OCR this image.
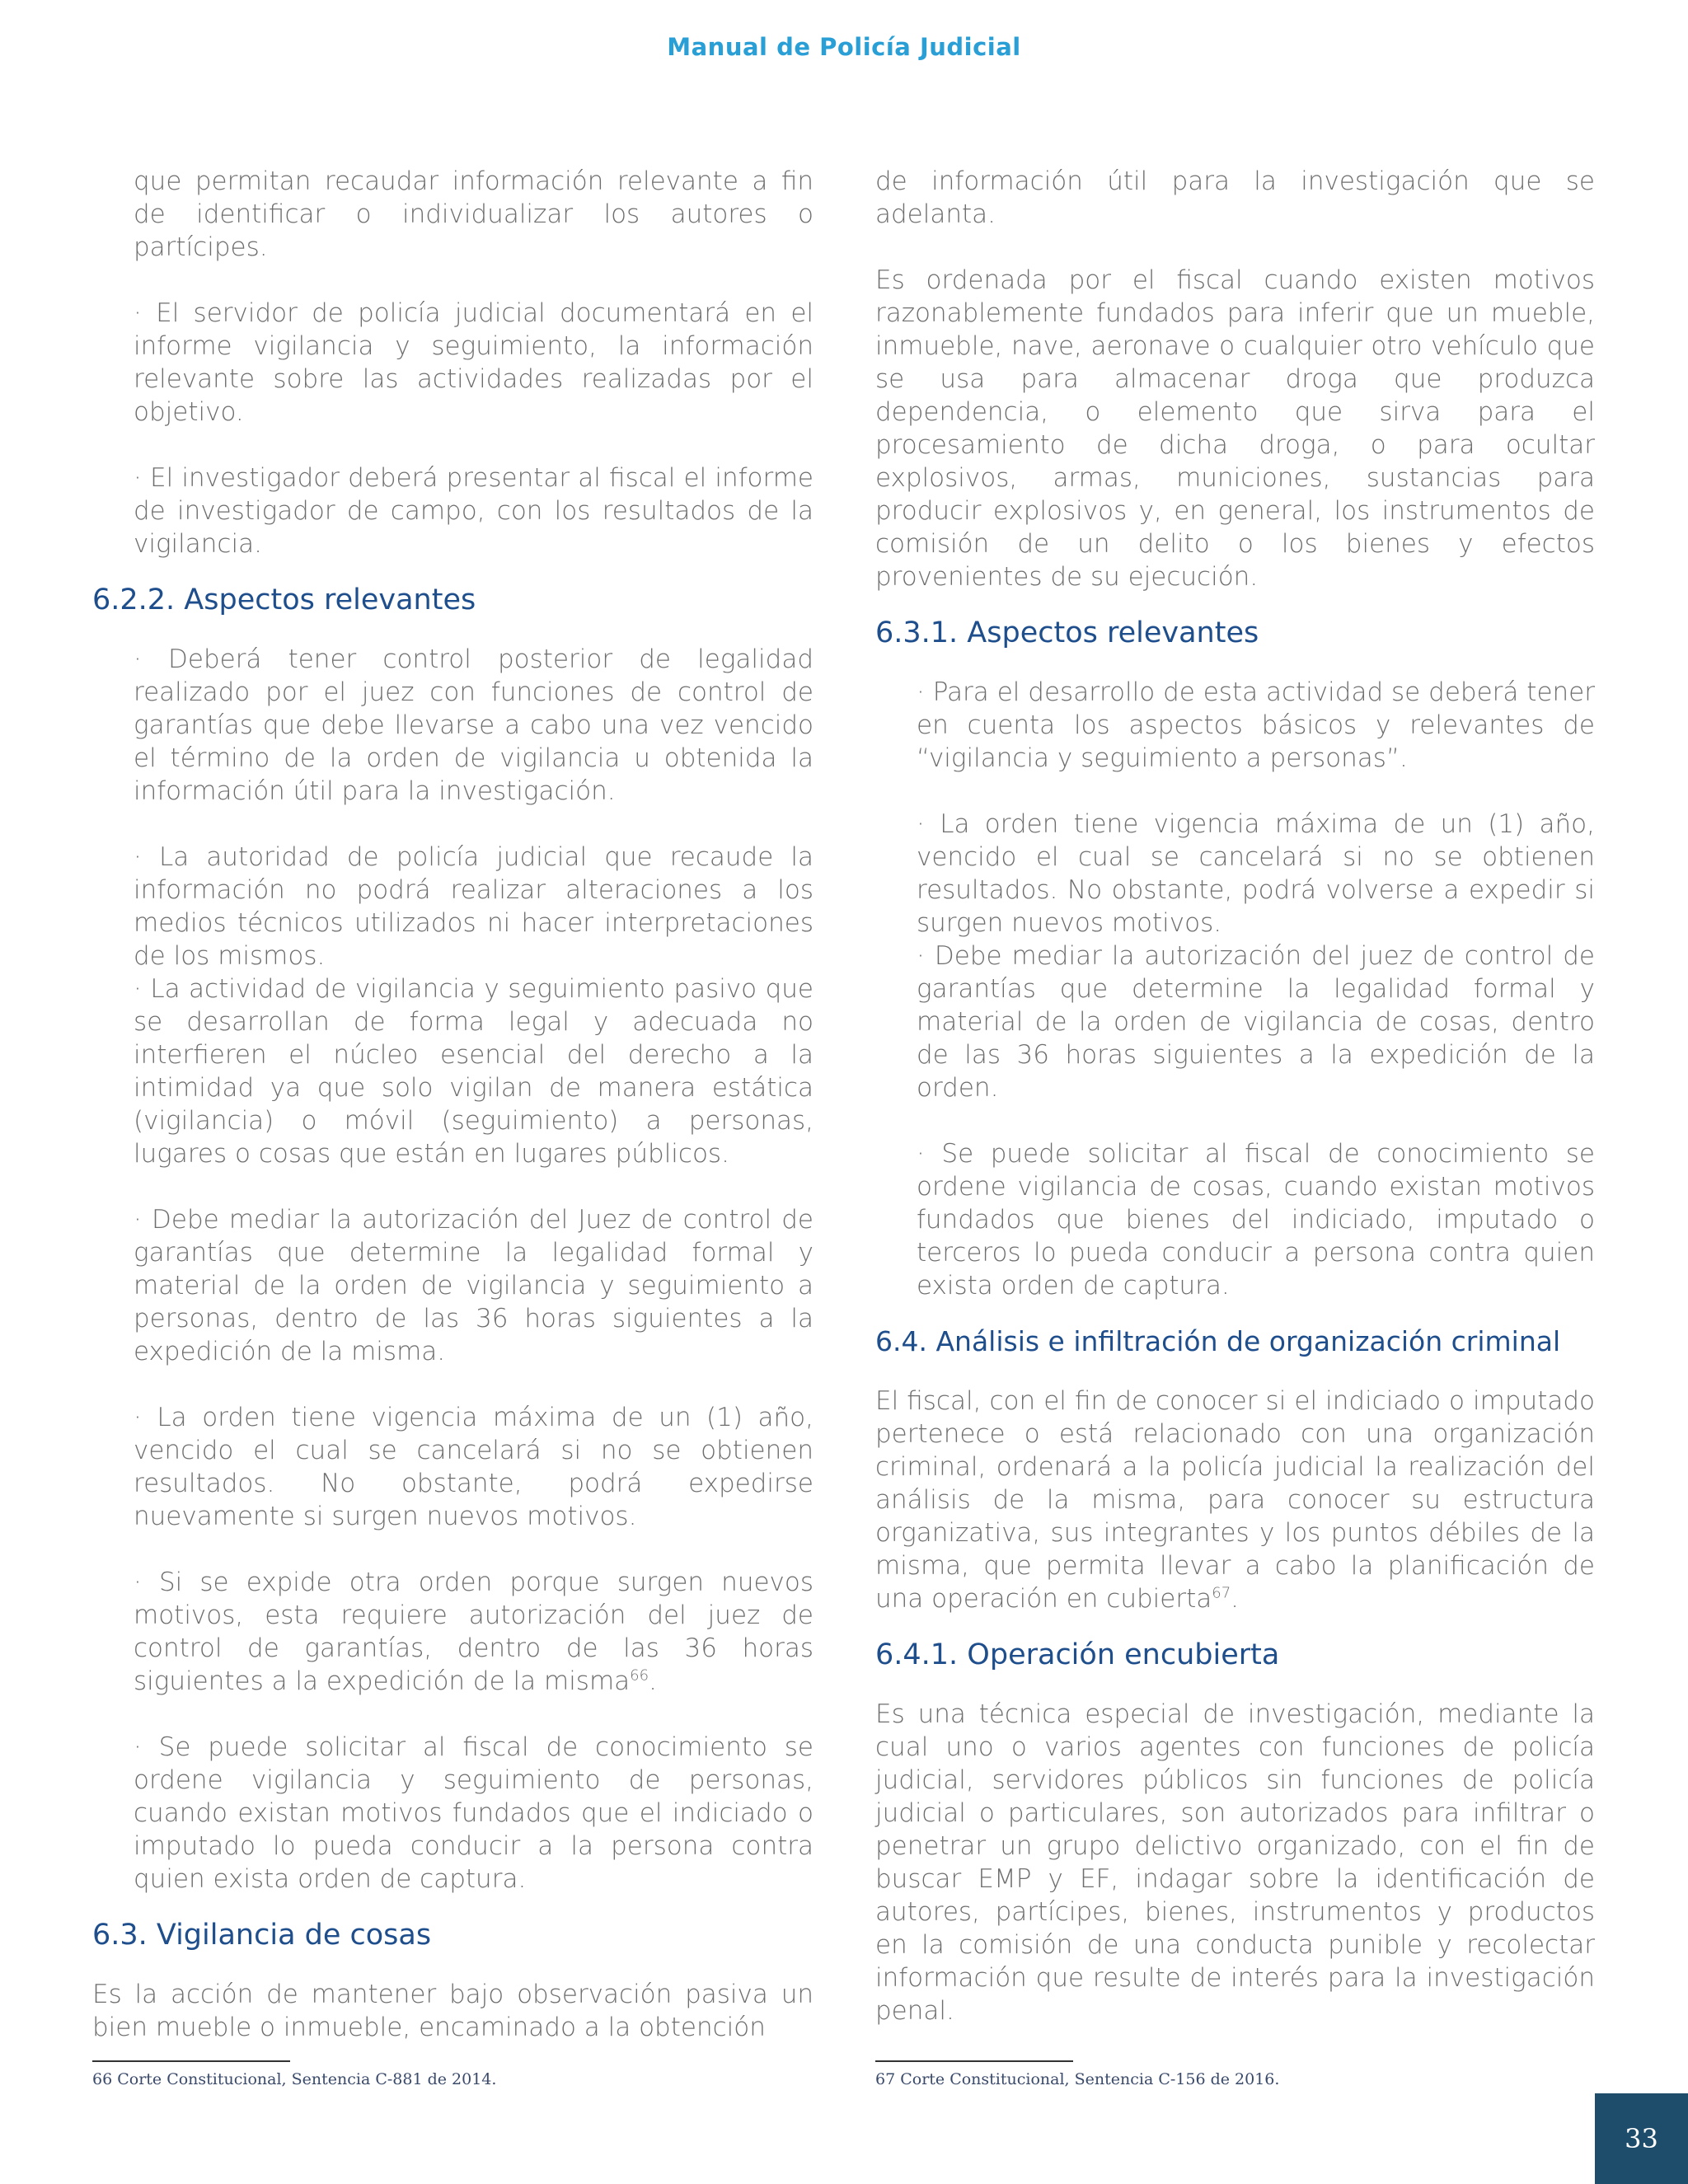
Manual de Policía Judicial

que permitan recaudar información relevante a fin de identificar o individualizar los autores o partícipes.

· El servidor de policía judicial documentará en el informe vigilancia y seguimiento, la información relevante sobre las actividades realizadas por el objetivo.

· El investigador deberá presentar al fiscal el informe de investigador de campo, con los resultados de la vigilancia.

6.2.2. Aspectos relevantes

· Deberá tener control posterior de legalidad realizado por el juez con funciones de control de garantías que debe llevarse a cabo una vez vencido el término de la orden de vigilancia u obtenida la información útil para la investigación.

· La autoridad de policía judicial que recaude la información no podrá realizar alteraciones a los medios técnicos utilizados ni hacer interpretaciones de los mismos.

· La actividad de vigilancia y seguimiento pasivo que se desarrollan de forma legal y adecuada no interfieren el núcleo esencial del derecho a la intimidad ya que solo vigilan de manera estática (vigilancia) o móvil (seguimiento) a personas, lugares o cosas que están en lugares públicos.

· Debe mediar la autorización del Juez de control de garantías que determine la legalidad formal y material de la orden de vigilancia y seguimiento a personas, dentro de las 36 horas siguientes a la expedición de la misma.

· La orden tiene vigencia máxima de un (1) año, vencido el cual se cancelará si no se obtienen resultados. No obstante, podrá expedirse nuevamente si surgen nuevos motivos.

· Si se expide otra orden porque surgen nuevos motivos, esta requiere autorización del juez de control de garantías, dentro de las 36 horas siguientes a la expedición de la misma$^{66}$.

· Se puede solicitar al fiscal de conocimiento se ordene vigilancia y seguimiento de personas, cuando existan motivos fundados que el indiciado o imputado lo pueda conducir a la persona contra quien exista orden de captura.

6.3. Vigilancia de cosas

Es la acción de mantener bajo observación pasiva un bien mueble o inmueble, encaminado a la obtención

de información útil para la investigación que se adelanta.

Es ordenada por el fiscal cuando existen motivos razonablemente fundados para inferir que un mueble, inmueble, nave, aeronave o cualquier otro vehículo que se usa para almacenar droga que produzca dependencia, o elemento que sirva para el procesamiento de dicha droga, o para ocultar explosivos, armas, municiones, sustancias para producir explosivos y, en general, los instrumentos de comisión de un delito o los bienes y efectos provenientes de su ejecución.

6.3.1. Aspectos relevantes

· Para el desarrollo de esta actividad se deberá tener en cuenta los aspectos básicos y relevantes de “vigilancia y seguimiento a personas”.

· La orden tiene vigencia máxima de un (1) año, vencido el cual se cancelará si no se obtienen resultados. No obstante, podrá volverse a expedir si surgen nuevos motivos.

· Debe mediar la autorización del juez de control de garantías que determine la legalidad formal y material de la orden de vigilancia de cosas, dentro de las 36 horas siguientes a la expedición de la orden.

· Se puede solicitar al fiscal de conocimiento se ordene vigilancia de cosas, cuando existan motivos fundados que bienes del indiciado, imputado o terceros lo pueda conducir a persona contra quien exista orden de captura.

6.4. Análisis e infiltración de organización criminal

El fiscal, con el fin de conocer si el indiciado o imputado pertenece o está relacionado con una organización criminal, ordenará a la policía judicial la realización del análisis de la misma, para conocer su estructura organizativa, sus integrantes y los puntos débiles de la misma, que permita llevar a cabo la planificación de una operación en cubierta$^{67}$.

6.4.1. Operación encubierta

Es una técnica especial de investigación, mediante la cual uno o varios agentes con funciones de policía judicial, servidores públicos sin funciones de policía judicial o particulares, son autorizados para infiltrar o penetrar un grupo delictivo organizado, con el fin de buscar EMP y EF, indagar sobre la identificación de autores, partícipes, bienes, instrumentos y productos en la comisión de una conducta punible y recolectar información que resulte de interés para la investigación penal.

66 Corte Constitucional, Sentencia C-881 de 2014.	67 Corte Constitucional, Sentencia C-156 de 2016.
33
